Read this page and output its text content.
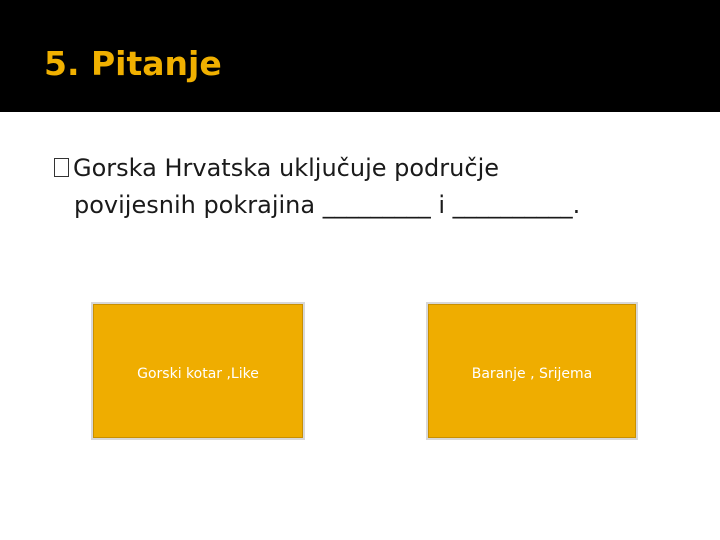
5. Pitanje
Gorska Hrvatska uključuje područje
povijesnih pokrajina _________ i __________.
Gorski kotar ,Like	Baranje , Srijema
